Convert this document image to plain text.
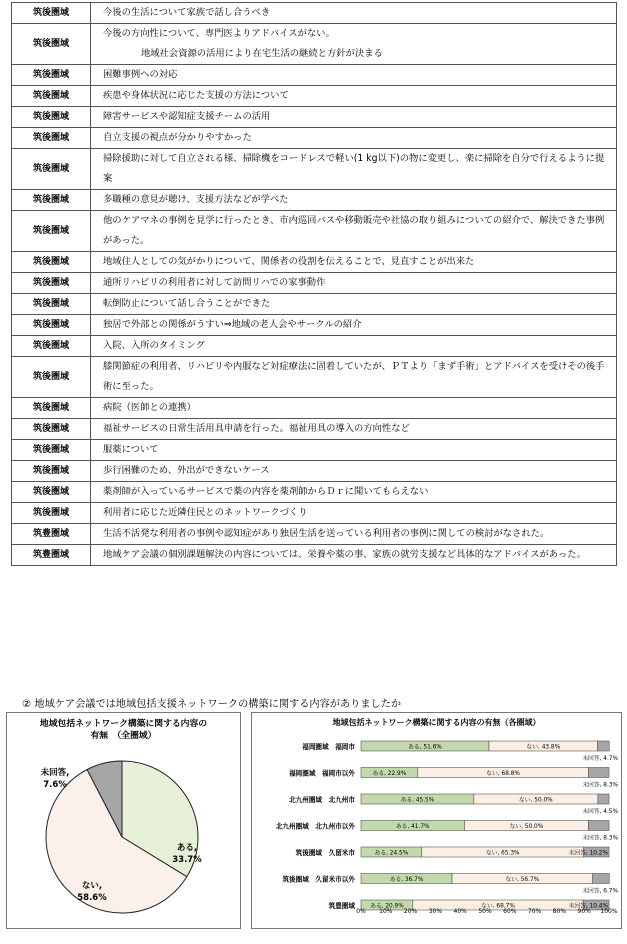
筑後圏域	今後の生活について家族で話し合うべき
筑後圏域	今後の方向性について、専門医よりアドバイスがない。
地域社会資源の活用により在宅生活の継続と方針が決まる

筑後圏域	困難事例への対応
筑後圏域	疾患や身体状況に応じた支援の方法について
筑後圏域	障害サービスや認知症支援チームの活用
筑後圏域	自立支援の視点が分かりやすかった
筑後圏域	掃除援助に対して自立される様、掃除機をコードレスで軽い(1 kg以下)の物に変更し、楽に掃除を自分で行えるように提案
筑後圏域	多職種の意見が聴け、支援方法などが学べた
筑後圏域	他のケアマネの事例を見学に行ったとき、市内巡回バスや移動販売や社協の取り組みについての紹介で、解決できた事例があった。
筑後圏域	地域住人としての気がかりについて、関係者の役割を伝えることで、見直すことが出来た
筑後圏域	通所リハビリの利用者に対して訪問リハでの家事動作
筑後圏域	転倒防止について話し合うことができた
筑後圏域	独居で外部との関係がうすい⇒地域の老人会やサークルの紹介
筑後圏域	入院、入所のタイミング
筑後圏域	膝関節症の利用者、リハビリや内服など対症療法に固着していたが、ＰＴより「まず手術」とアドバイスを受けその後手術に至った。
筑後圏域	病院（医師との連携）
筑後圏域	福祉サービスの日常生活用具申請を行った。福祉用具の導入の方向性など
筑後圏域	服薬について
筑後圏域	歩行困難のため、外出ができないケース
筑後圏域	薬剤師が入っているサービスで薬の内容を薬剤師からＤｒに聞いてもらえない
筑後圏域	利用者に応じた近隣住民とのネットワークづくり
筑豊圏域	生活不活発な利用者の事例や認知症があり独居生活を送っている利用者の事例に関しての検討がなされた。
筑豊圏域	地域ケア会議の個別課題解決の内容については、栄養や薬の事、家族の就労支援など具体的なアドバイスがあった。
② 地域ケア会議では地域包括支援ネットワークの構築に関する内容がありましたか
地域包括ネットワーク構築に関する内容の
有無　（全圏域）
ある,
33.7%
ない,
58.6%
未回答,
7.6%
地域包括ネットワーク構築に関する内容の有無（各圏域）
福岡圏域　福岡市	ある, 51.6%	ない, 43.8%
未回答, 4.7%
福岡圏域　福岡市以外	ある, 22.9%	ない, 68.8%
未回答, 8.3%
北九州圏域　北九州市	ある, 45.5%	ない, 50.0%
未回答, 4.5%
北九州圏域　北九州市以外	ある, 41.7%	ない, 50.0%
未回答, 8.3%
筑後圏域　久留米市	ある, 24.5%	ない, 65.3%	未回答, 10.2%
筑後圏域　久留米市以外	ある, 36.7%	ない, 56.7%
未回答, 6.7%
筑豊圏域	ある, 20.9%	ない, 68.7%	未回答, 10.4%
0% 10% 20% 30% 40% 50% 60% 70% 80% 90% 100%
